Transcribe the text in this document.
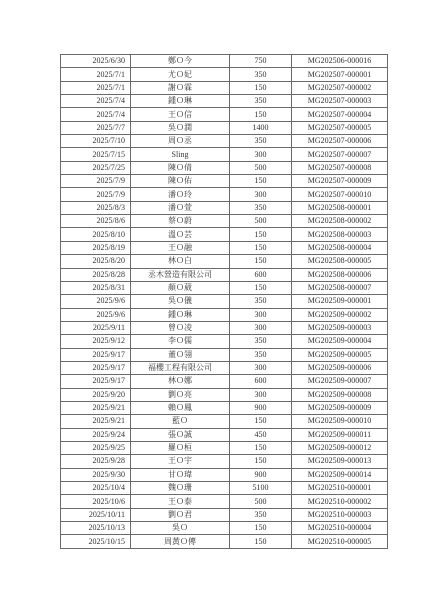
2025/6/30	鄭Ｏ今	750	MG202506-000016
2025/7/1	尤Ｏ妃	350	MG202507-000001
2025/7/1	謝Ｏ霖	150	MG202507-000002
2025/7/4	鍾Ｏ琳	350	MG202507-000003
2025/7/4	王Ｏ信	150	MG202507-000004
2025/7/7	吳Ｏ潤	1400	MG202507-000005
2025/7/10	周Ｏ丞	350	MG202507-000006
2025/7/15	Sling	300	MG202507-000007
2025/7/25	陳Ｏ倩	500	MG202507-000008
2025/7/9	陳Ｏ佑	150	MG202507-000009
2025/7/9	潘Ｏ玲	300	MG202507-000010
2025/8/3	潘Ｏ萱	350	MG202508-000001
2025/8/6	蔡Ｏ蔚	500	MG202508-000002
2025/8/10	溫Ｏ芸	150	MG202508-000003
2025/8/19	王Ｏ融	150	MG202508-000004
2025/8/20	林Ｏ白	150	MG202508-000005
2025/8/28	丞木營造有限公司	600	MG202508-000006
2025/8/31	顏Ｏ葳	150	MG202508-000007
2025/9/6	吳Ｏ儀	350	MG202509-000001
2025/9/6	鍾Ｏ琳	300	MG202509-000002
2025/9/11	曾Ｏ凌	300	MG202509-000003
2025/9/12	李Ｏ儒	350	MG202509-000004
2025/9/17	董Ｏ翎	350	MG202509-000005
2025/9/17	福櫻工程有限公司	300	MG202509-000006
2025/9/17	林Ｏ娜	600	MG202509-000007
2025/9/20	劉Ｏ亮	300	MG202509-000008
2025/9/21	賴Ｏ鳳	900	MG202509-000009
2025/9/21	藍Ｏ	150	MG202509-000010
2025/9/24	張Ｏ誠	450	MG202509-000011
2025/9/25	羅Ｏ桓	150	MG202509-000012
2025/9/28	王Ｏ宇	150	MG202509-000013
2025/9/30	甘Ｏ瑋	900	MG202509-000014
2025/10/4	魏Ｏ珊	5100	MG202510-000001
2025/10/6	王Ｏ泰	500	MG202510-000002
2025/10/11	劉Ｏ君	350	MG202510-000003
2025/10/13	吳Ｏ	150	MG202510-000004
2025/10/15	周黃Ｏ傳	150	MG202510-000005
